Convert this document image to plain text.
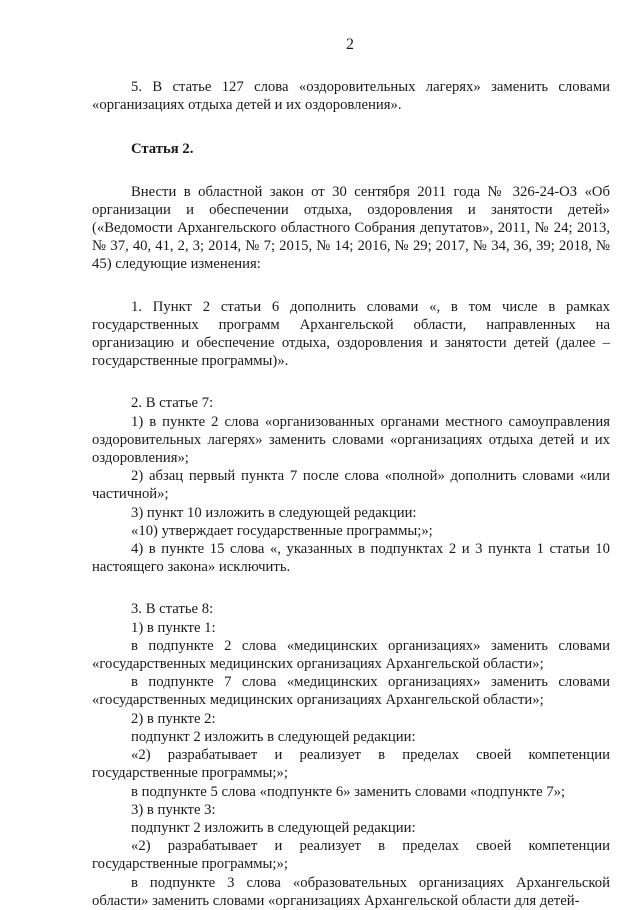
2

5. В статье 127 слова «оздоровительных лагерях» заменить словами «организациях отдыха детей и их оздоровления».

Статья 2.

Внести в областной закон от 30 сентября 2011 года № 326-24-ОЗ «Об организации и обеспечении отдыха, оздоровления и занятости детей» («Ведомости Архангельского областного Собрания депутатов», 2011, № 24; 2013, № 37, 40, 41, 2, 3; 2014, № 7; 2015, № 14; 2016, № 29; 2017, № 34, 36, 39; 2018, № 45) следующие изменения:

1. Пункт 2 статьи 6 дополнить словами «, в том числе в рамках государственных программ Архангельской области, направленных на организацию и обеспечение отдыха, оздоровления и занятости детей (далее – государственные программы)».

2. В статье 7:

1) в пункте 2 слова «организованных органами местного самоуправления оздоровительных лагерях» заменить словами «организациях отдыха детей и их оздоровления»;

2) абзац первый пункта 7 после слова «полной» дополнить словами «или частичной»;

3) пункт 10 изложить в следующей редакции:

«10) утверждает государственные программы;»;

4) в пункте 15 слова «, указанных в подпунктах 2 и 3 пункта 1 статьи 10 настоящего закона» исключить.

3. В статье 8:

1) в пункте 1:

в подпункте 2 слова «медицинских организациях» заменить словами «государственных медицинских организациях Архангельской области»;

в подпункте 7 слова «медицинских организациях» заменить словами «государственных медицинских организациях Архангельской области»;

2) в пункте 2:

подпункт 2 изложить в следующей редакции:

«2) разрабатывает и реализует в пределах своей компетенции государственные программы;»;

в подпункте 5 слова «подпункте 6» заменить словами «подпункте 7»;

3) в пункте 3:

подпункт 2 изложить в следующей редакции:

«2) разрабатывает и реализует в пределах своей компетенции государственные программы;»;

в подпункте 3 слова «образовательных организациях Архангельской области» заменить словами «организациях Архангельской области для детей-
